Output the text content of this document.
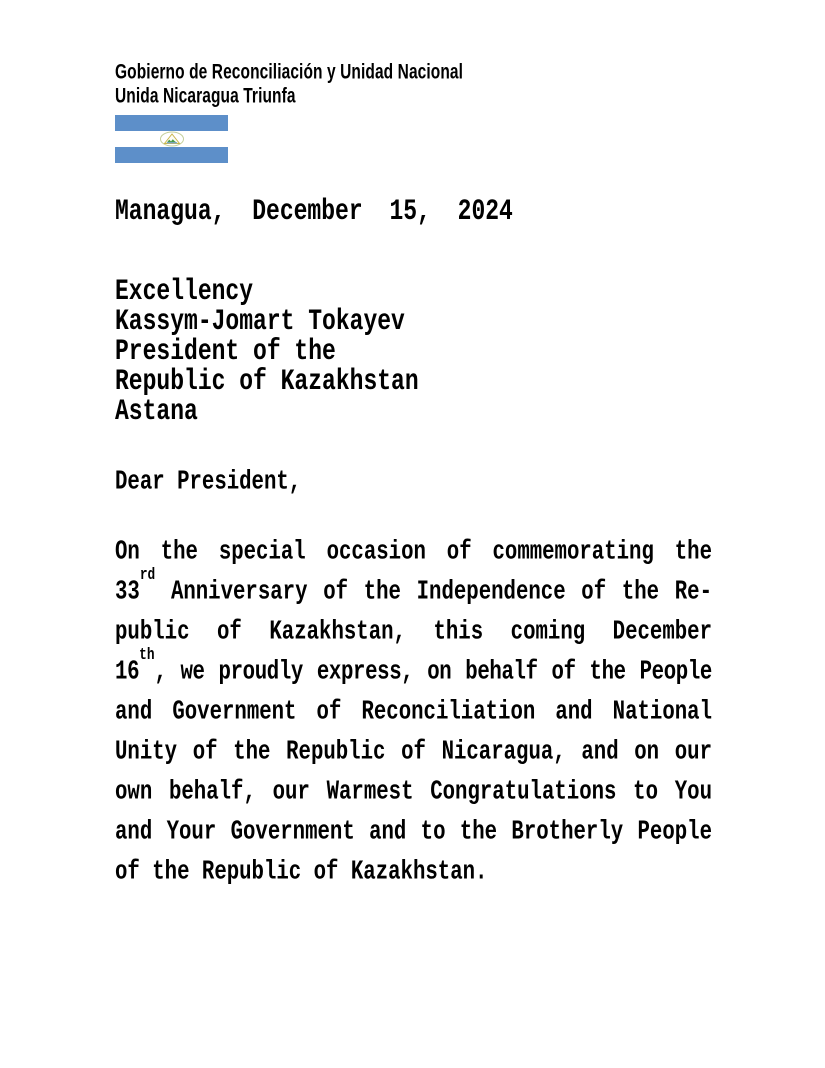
Gobierno de Reconciliación y Unidad Nacional
Unida Nicaragua Triunfa
Managua, December 15, 2024
Excellency
Kassym-Jomart Tokayev
President of the
Republic of Kazakhstan
Astana
Dear President,
On the special occasion of commemorating the
33rd Anniversary of the Independence of the Re-
public of Kazakhstan, this coming December
16th, we proudly express, on behalf of the People
and Government of Reconciliation and National
Unity of the Republic of Nicaragua, and on our
own behalf, our Warmest Congratulations to You
and Your Government and to the Brotherly People
of the Republic of Kazakhstan.
